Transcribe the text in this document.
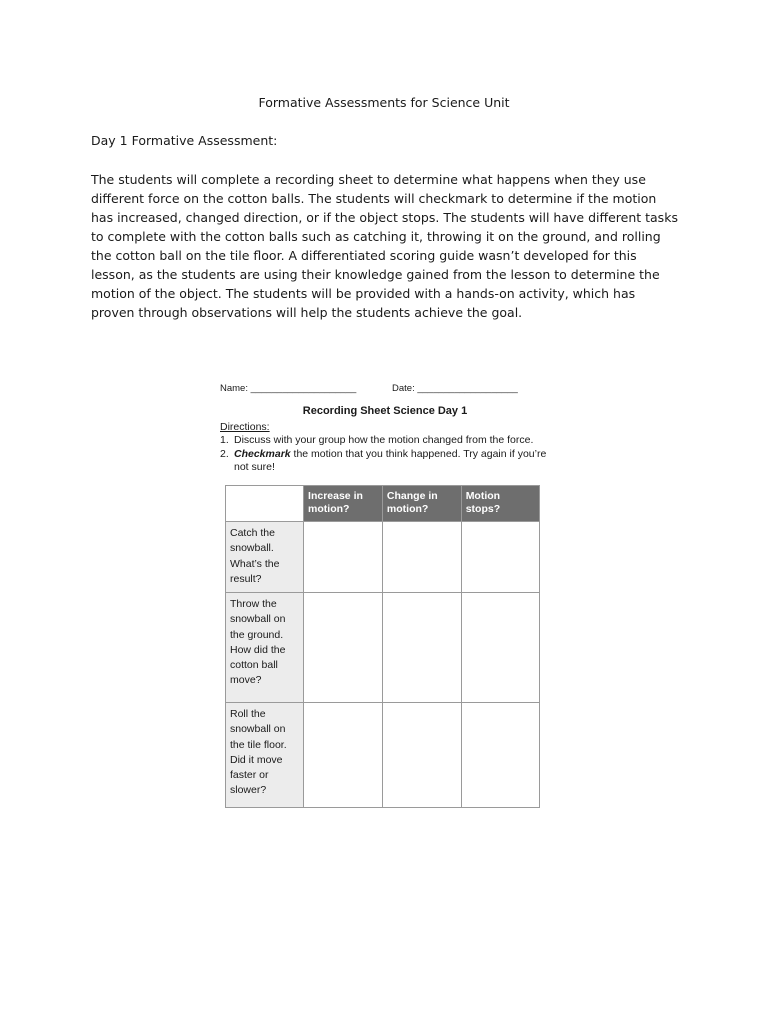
Formative Assessments for Science Unit
Day 1 Formative Assessment:

The students will complete a recording sheet to determine what happens when they use different force on the cotton balls. The students will checkmark to determine if the motion has increased, changed direction, or if the object stops. The students will have different tasks to complete with the cotton balls such as catching it, throwing it on the ground, and rolling the cotton ball on the tile floor. A differentiated scoring guide wasn’t developed for this lesson, as the students are using their knowledge gained from the lesson to determine the motion of the object. The students will be provided with a hands-on activity, which has proven through observations will help the students achieve the goal.

Name: ____________________	Date: ___________________
Recording Sheet Science Day 1
Directions:
1. Discuss with your group how the motion changed from the force.
2. Checkmark the motion that you think happened. Try again if you’re not sure!
	Increase in motion?	Change in motion?	Motion stops?
Catch the snowball. What’s the result?			
Throw the snowball on the ground. How did the cotton ball move?			
Roll the snowball on the tile floor. Did it move faster or slower?			
